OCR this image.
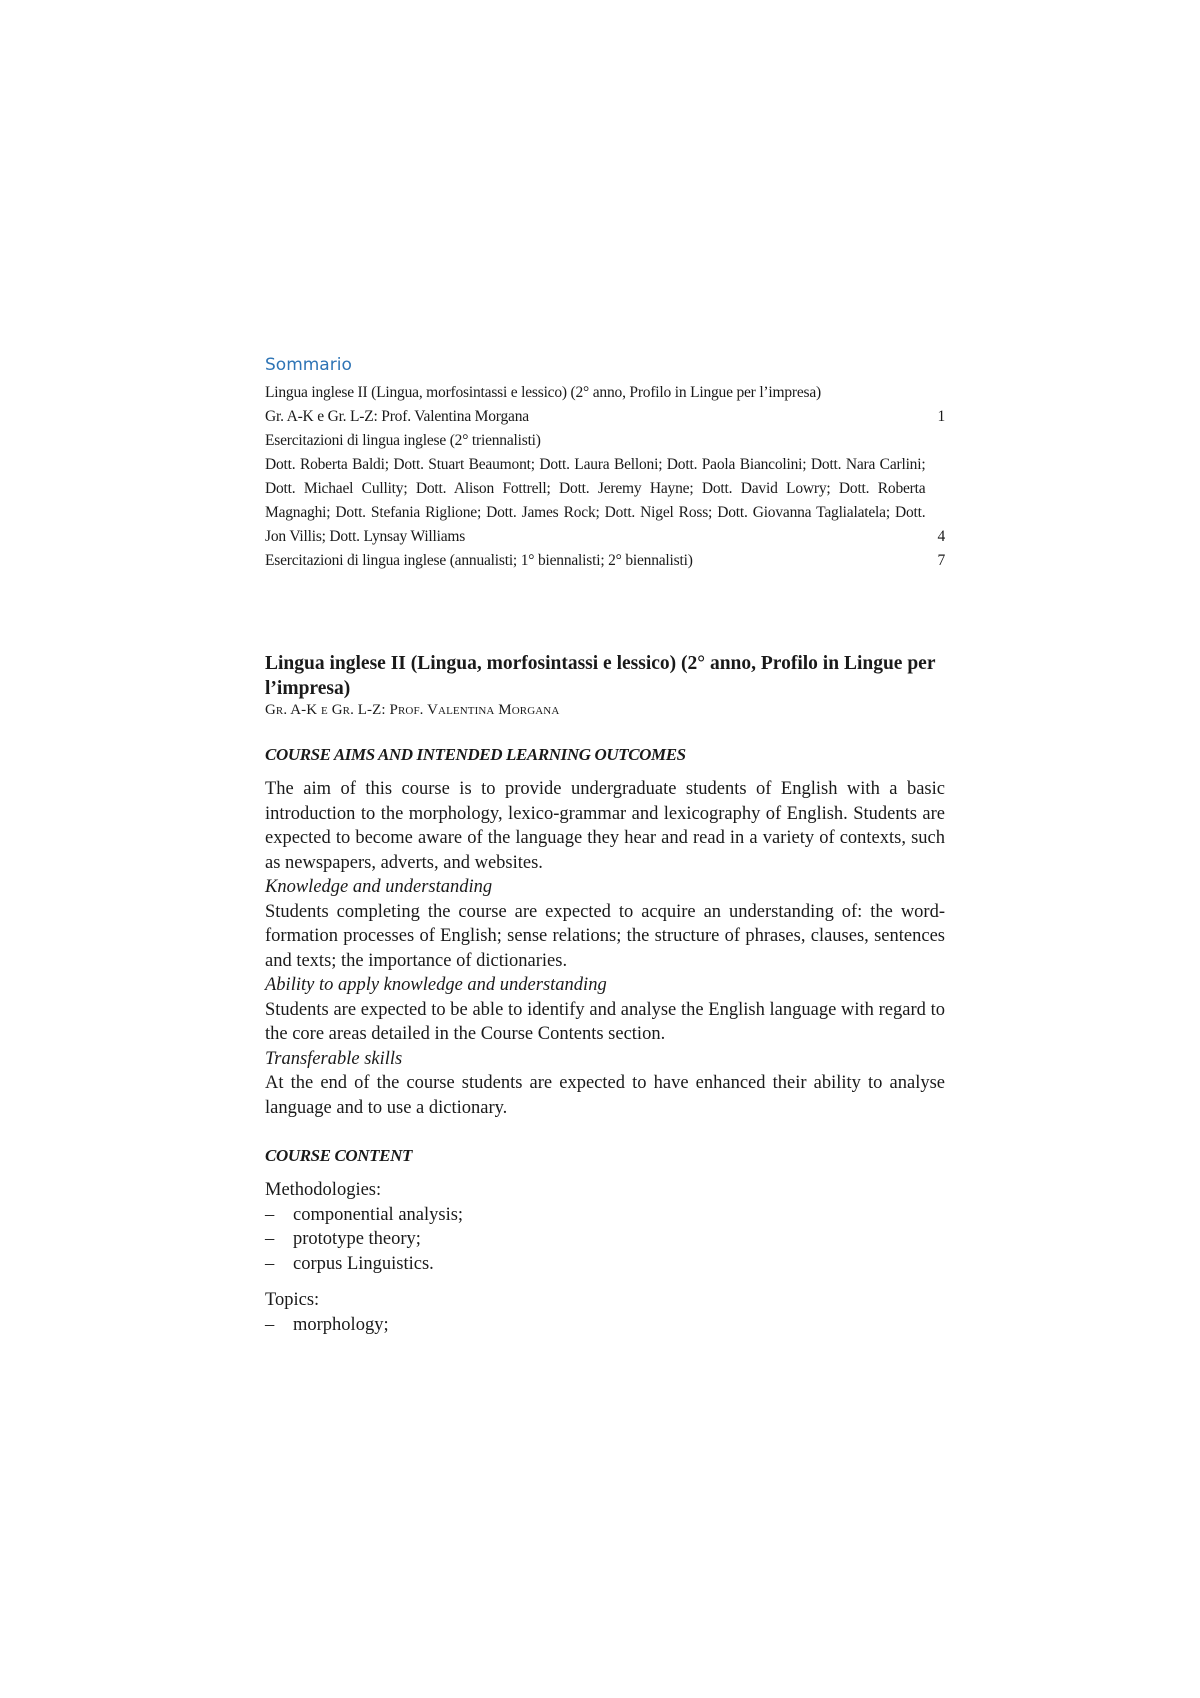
Sommario
Lingua inglese II (Lingua, morfosintassi e lessico) (2° anno, Profilo in Lingue per l’impresa)
Gr. A-K e Gr. L-Z: Prof. Valentina Morgana	1
Esercitazioni di lingua inglese (2° triennalisti)
Dott. Roberta Baldi; Dott. Stuart Beaumont; Dott. Laura Belloni; Dott. Paola Biancolini; Dott. Nara Carlini; Dott. Michael Cullity; Dott. Alison Fottrell; Dott. Jeremy Hayne; Dott. David Lowry; Dott. Roberta Magnaghi; Dott. Stefania Riglione; Dott. James Rock; Dott. Nigel Ross; Dott. Giovanna Taglialatela; Dott. Jon Villis; Dott. Lynsay Williams	4
Esercitazioni di lingua inglese (annualisti; 1° biennalisti; 2° biennalisti)	7
Lingua inglese II (Lingua, morfosintassi e lessico) (2° anno, Profilo in Lingue per l’impresa)

Gr. A-K e Gr. L-Z: Prof. Valentina Morgana

COURSE AIMS AND INTENDED LEARNING OUTCOMES

The aim of this course is to provide undergraduate students of English with a basic introduction to the morphology, lexico-grammar and lexicography of English. Students are expected to become aware of the language they hear and read in a variety of contexts, such as newspapers, adverts, and websites.

Knowledge and understanding

Students completing the course are expected to acquire an understanding of: the word-formation processes of English; sense relations; the structure of phrases, clauses, sentences and texts; the importance of dictionaries.

Ability to apply knowledge and understanding

Students are expected to be able to identify and analyse the English language with regard to the core areas detailed in the Course Contents section.

Transferable skills

At the end of the course students are expected to have enhanced their ability to analyse language and to use a dictionary.

COURSE CONTENT

Methodologies:

–	componential analysis;
–	prototype theory;
–	corpus Linguistics.

Topics:

–	morphology;
